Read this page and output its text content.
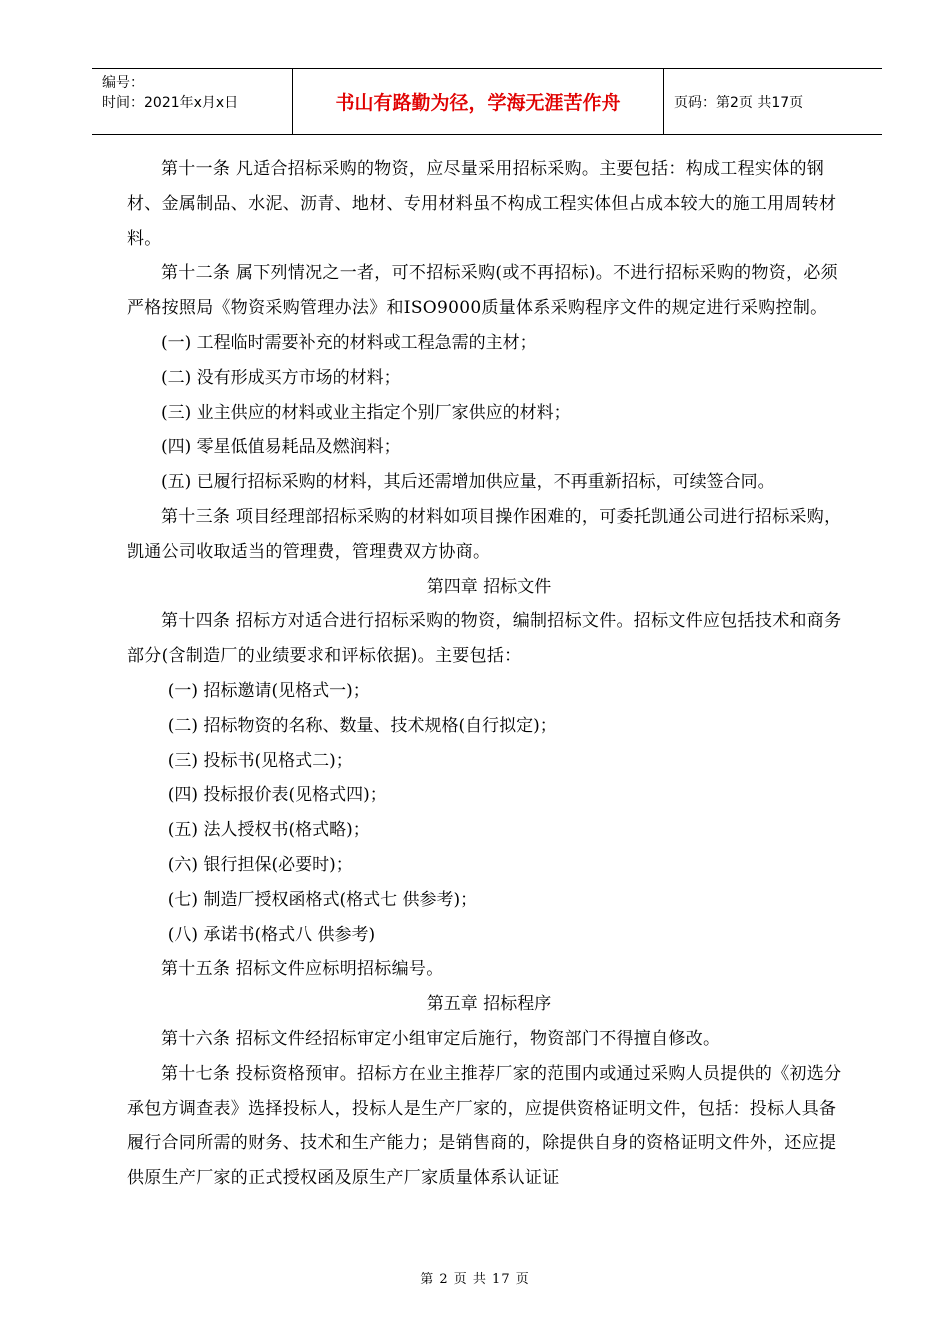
编号：
时间：2021年x月x日	书山有路勤为径，学海无涯苦作舟	页码：第2页 共17页

第十一条 凡适合招标采购的物资，应尽量采用招标采购。主要包括：构成工程实体的钢材、金属制品、水泥、沥青、地材、专用材料虽不构成工程实体但占成本较大的施工用周转材料。

第十二条 属下列情况之一者，可不招标采购(或不再招标)。不进行招标采购的物资，必须严格按照局《物资采购管理办法》和ISO9000质量体系采购程序文件的规定进行采购控制。

(一) 工程临时需要补充的材料或工程急需的主材；

(二) 没有形成买方市场的材料；

(三) 业主供应的材料或业主指定个别厂家供应的材料；

(四) 零星低值易耗品及燃润料；

(五) 已履行招标采购的材料，其后还需增加供应量，不再重新招标，可续签合同。

第十三条 项目经理部招标采购的材料如项目操作困难的，可委托凯通公司进行招标采购，凯通公司收取适当的管理费，管理费双方协商。

第四章 招标文件

第十四条 招标方对适合进行招标采购的物资，编制招标文件。招标文件应包括技术和商务部分(含制造厂的业绩要求和评标依据)。主要包括：

(一) 招标邀请(见格式一)；

(二) 招标物资的名称、数量、技术规格(自行拟定)；

(三) 投标书(见格式二)；

(四) 投标报价表(见格式四)；

(五) 法人授权书(格式略)；

(六) 银行担保(必要时)；

(七) 制造厂授权函格式(格式七 供参考)；

(八) 承诺书(格式八 供参考)

第十五条 招标文件应标明招标编号。

第五章 招标程序

第十六条 招标文件经招标审定小组审定后施行，物资部门不得擅自修改。

第十七条 投标资格预审。招标方在业主推荐厂家的范围内或通过采购人员提供的《初选分承包方调查表》选择投标人，投标人是生产厂家的，应提供资格证明文件，包括：投标人具备履行合同所需的财务、技术和生产能力；是销售商的，除提供自身的资格证明文件外，还应提供原生产厂家的正式授权函及原生产厂家质量体系认证证

第 2 页 共 17 页
